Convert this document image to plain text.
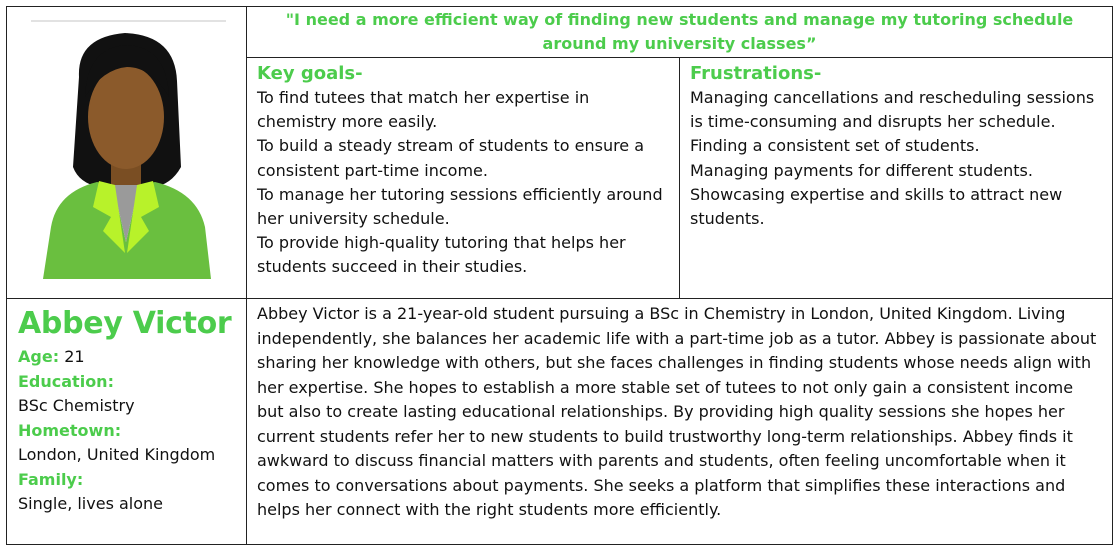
"I need a more efficient way of finding new students and manage my tutoring schedule around my university classes”

Key goals-

To find tutees that match her expertise in chemistry more easily.

To build a steady stream of students to ensure a consistent part-time income.

To manage her tutoring sessions efficiently around her university schedule.

To provide high-quality tutoring that helps her students succeed in their studies.

Frustrations-

Managing cancellations and rescheduling sessions is time-consuming and disrupts her schedule.

Finding a consistent set of students.

Managing payments for different students.

Showcasing expertise and skills to attract new students.

Abbey Victor

Age: 21

Education:

BSc Chemistry

Hometown:

London, United Kingdom

Family:

Single, lives alone

Abbey Victor is a 21-year-old student pursuing a BSc in Chemistry in London, United Kingdom. Living independently, she balances her academic life with a part-time job as a tutor. Abbey is passionate about sharing her knowledge with others, but she faces challenges in finding students whose needs align with her expertise. She hopes to establish a more stable set of tutees to not only gain a consistent income but also to create lasting educational relationships. By providing high quality sessions she hopes her current students refer her to new students to build trustworthy long-term relationships. Abbey finds it awkward to discuss financial matters with parents and students, often feeling uncomfortable when it comes to conversations about payments. She seeks a platform that simplifies these interactions and helps her connect with the right students more efficiently.
